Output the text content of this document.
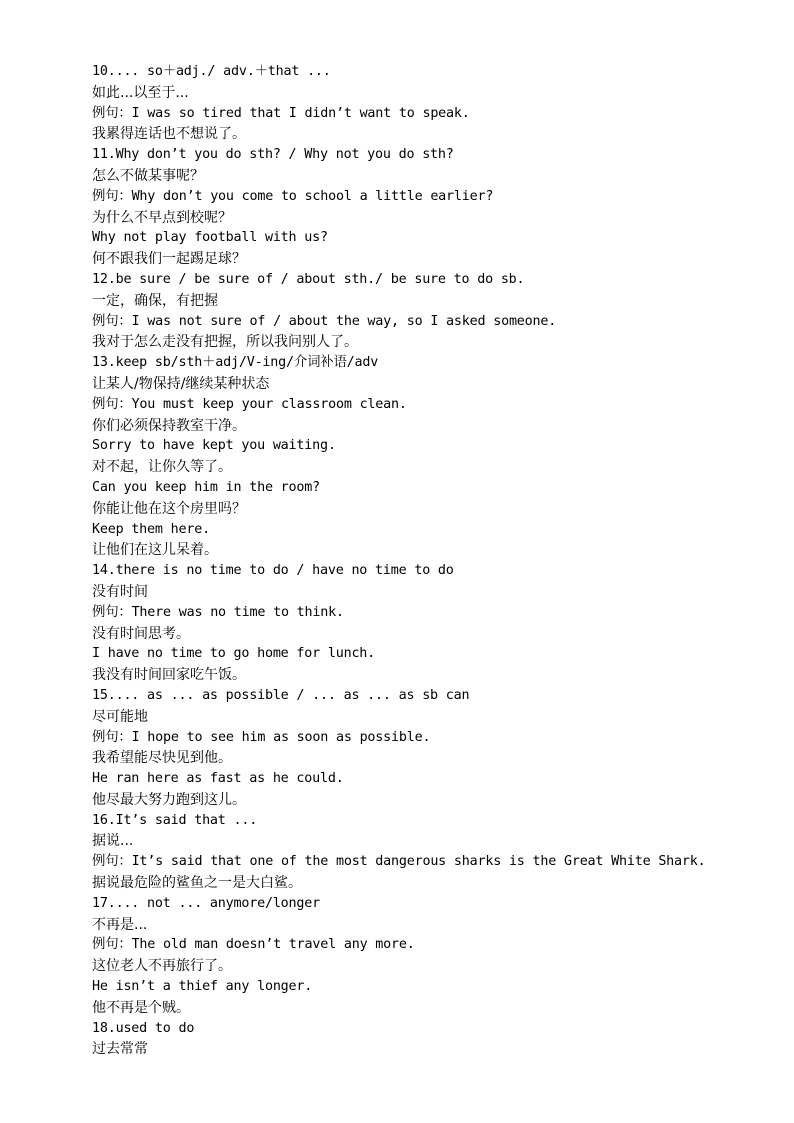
10.... so＋adj./ adv.＋that ...
如此...以至于...
例句：I was so tired that I didn’t want to speak.
我累得连话也不想说了。
11.Why don’t you do sth? / Why not you do sth?
怎么不做某事呢？
例句：Why don’t you come to school a little earlier?
为什么不早点到校呢？
Why not play football with us?
何不跟我们一起踢足球？
12.be sure / be sure of / about sth./ be sure to do sb.
一定，确保，有把握
例句：I was not sure of / about the way, so I asked someone.
我对于怎么走没有把握，所以我问别人了。
13.keep sb/sth＋adj/V-ing/介词补语/adv
让某人/物保持/继续某种状态
例句：You must keep your classroom clean.
你们必须保持教室干净。
Sorry to have kept you waiting.
对不起，让你久等了。
Can you keep him in the room?
你能让他在这个房里吗？
Keep them here.
让他们在这儿呆着。
14.there is no time to do / have no time to do
没有时间
例句：There was no time to think.
没有时间思考。
I have no time to go home for lunch.
我没有时间回家吃午饭。
15.... as ... as possible / ... as ... as sb can
尽可能地
例句：I hope to see him as soon as possible.
我希望能尽快见到他。
He ran here as fast as he could.
他尽最大努力跑到这儿。
16.It’s said that ...
据说...
例句：It’s said that one of the most dangerous sharks is the Great White Shark.
据说最危险的鲨鱼之一是大白鲨。
17.... not ... anymore/longer
不再是...
例句：The old man doesn’t travel any more.
这位老人不再旅行了。
He isn’t a thief any longer.
他不再是个贼。
18.used to do
过去常常
